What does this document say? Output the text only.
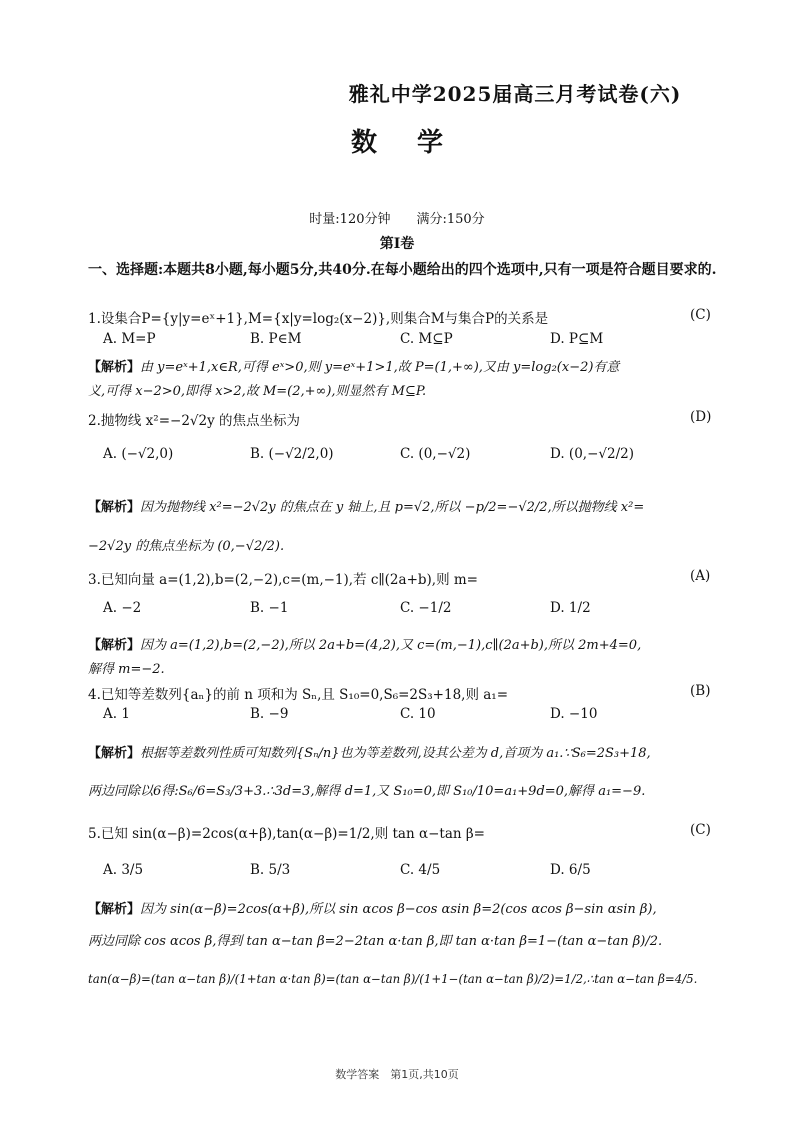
雅礼中学2025届高三月考试卷(六)
数学
时量:120分钟　　满分:150分
第Ⅰ卷
一、选择题:本题共8小题,每小题5分,共40分.在每小题给出的四个选项中,只有一项是符合题目要求的.
1.设集合P={y|y=eˣ+1},M={x|y=log₂(x−2)},则集合M与集合P的关系是	(C)
A. M=P	B. P∈M	C. M⊆P	D. P⊆M
【解析】由 y=eˣ+1,x∈R,可得 eˣ>0,则 y=eˣ+1>1,故 P=(1,+∞),又由 y=log₂(x−2)有意
义,可得 x−2>0,即得 x>2,故 M=(2,+∞),则显然有 M⊆P.
2.抛物线 x²=−2√2y 的焦点坐标为	(D)
A. (−√2,0)	B. (−√2/2,0)	C. (0,−√2)	D. (0,−√2/2)
【解析】因为抛物线 x²=−2√2y 的焦点在 y 轴上,且 p=√2,所以 −p/2=−√2/2,所以抛物线 x²=
−2√2y 的焦点坐标为 (0,−√2/2).
3.已知向量 a=(1,2),b=(2,−2),c=(m,−1),若 c∥(2a+b),则 m=	(A)
A. −2	B. −1	C. −1/2	D. 1/2
【解析】因为 a=(1,2),b=(2,−2),所以 2a+b=(4,2),又 c=(m,−1),c∥(2a+b),所以 2m+4=0,
解得 m=−2.
4.已知等差数列{aₙ}的前 n 项和为 Sₙ,且 S₁₀=0,S₆=2S₃+18,则 a₁=	(B)
A. 1	B. −9	C. 10	D. −10
【解析】根据等差数列性质可知数列{Sₙ/n}也为等差数列,设其公差为 d,首项为 a₁.∵S₆=2S₃+18,
两边同除以6得:S₆/6=S₃/3+3.∴3d=3,解得 d=1,又 S₁₀=0,即 S₁₀/10=a₁+9d=0,解得 a₁=−9.
5.已知 sin(α−β)=2cos(α+β),tan(α−β)=1/2,则 tan α−tan β=	(C)
A. 3/5	B. 5/3	C. 4/5	D. 6/5
【解析】因为 sin(α−β)=2cos(α+β),所以 sin αcos β−cos αsin β=2(cos αcos β−sin αsin β),
两边同除 cos αcos β,得到 tan α−tan β=2−2tan α·tan β,即 tan α·tan β=1−(tan α−tan β)/2.
tan(α−β)=(tan α−tan β)/(1+tan α·tan β)=(tan α−tan β)/(1+1−(tan α−tan β)/2)=1/2,∴tan α−tan β=4/5.
数学答案　第1页,共10页
